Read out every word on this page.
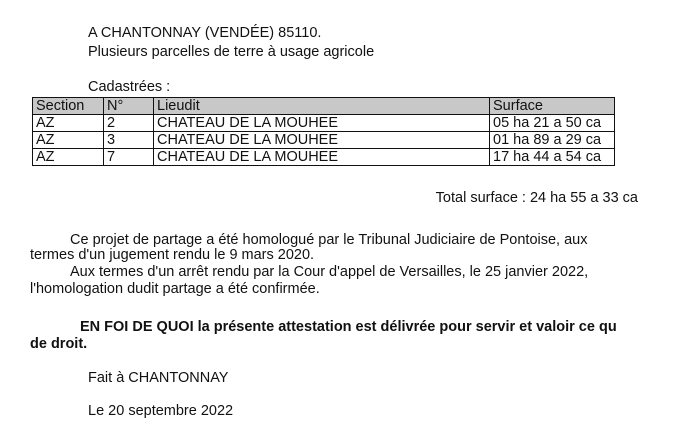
A CHANTONNAY (VENDÉE) 85110.
Plusieurs parcelles de terre à usage agricole
Cadastrées :
Section	N°	Lieudit	Surface
AZ	2	CHATEAU DE LA MOUHEE	05 ha 21 a 50 ca
AZ	3	CHATEAU DE LA MOUHEE	01 ha 89 a 29 ca
AZ	7	CHATEAU DE LA MOUHEE	17 ha 44 a 54 ca
Total surface : 24 ha 55 a 33 ca
Ce projet de partage a été homologué par le Tribunal Judiciaire de Pontoise, aux
termes d'un jugement rendu le 9 mars 2020.
Aux termes d'un arrêt rendu par la Cour d'appel de Versailles, le 25 janvier 2022,
l'homologation dudit partage a été confirmée.
EN FOI DE QUOI la présente attestation est délivrée pour servir et valoir ce qu
de droit.
Fait à CHANTONNAY
Le 20 septembre 2022
